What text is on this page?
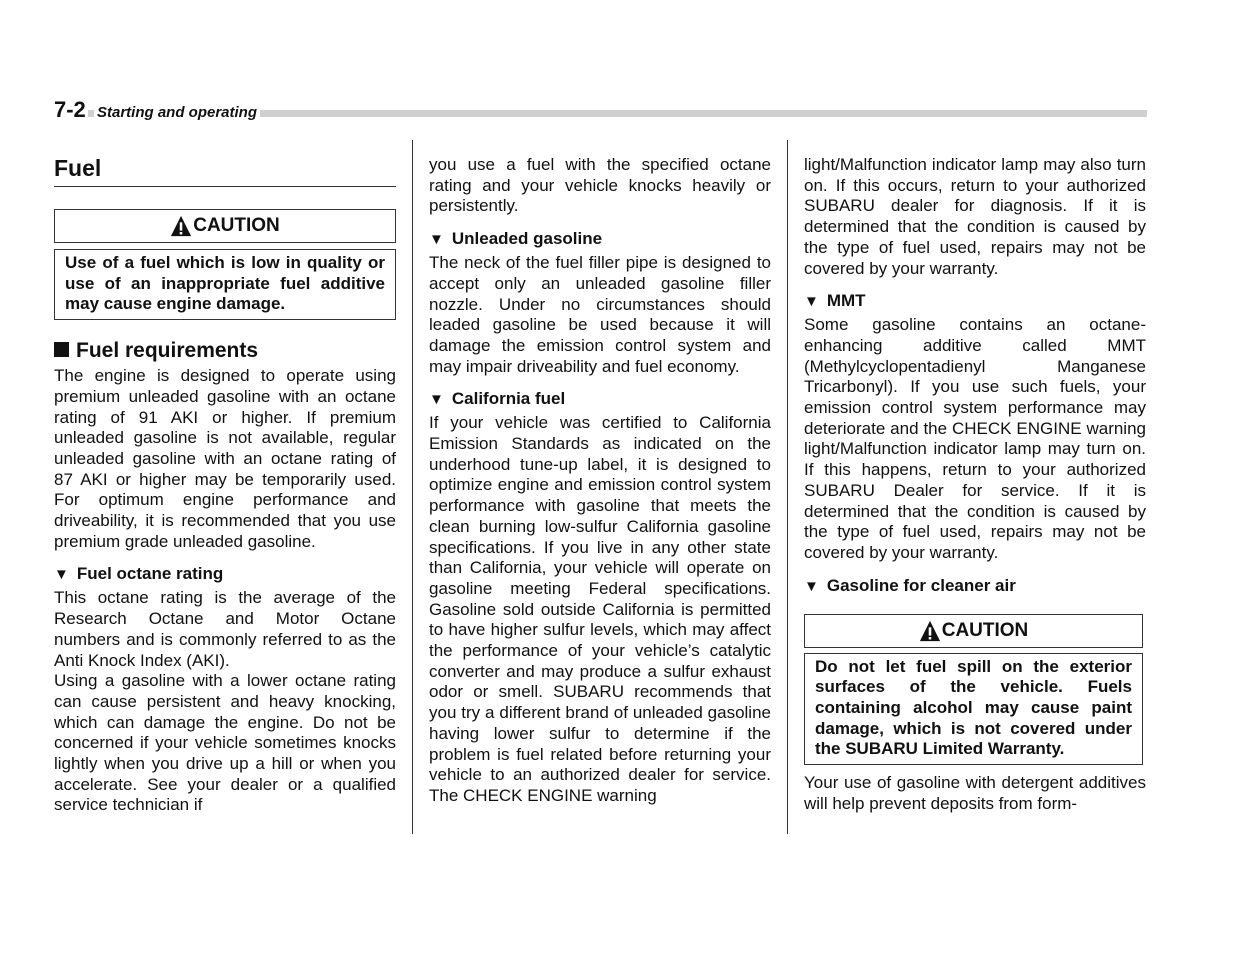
7-2 Starting and operating
Fuel
CAUTION
Use of a fuel which is low in quality or use of an inappropriate fuel additive may cause engine damage.
Fuel requirements

The engine is designed to operate using premium unleaded gasoline with an octane rating of 91 AKI or higher. If premium unleaded gasoline is not available, regular unleaded gasoline with an octane rating of 87 AKI or higher may be temporarily used. For optimum engine performance and driveability, it is recommended that you use premium grade unleaded gasoline.

▼ Fuel octane rating

This octane rating is the average of the Research Octane and Motor Octane numbers and is commonly referred to as the Anti Knock Index (AKI).

Using a gasoline with a lower octane rating can cause persistent and heavy knocking, which can damage the engine. Do not be concerned if your vehicle sometimes knocks lightly when you drive up a hill or when you accelerate. See your dealer or a qualified service technician if

you use a fuel with the specified octane rating and your vehicle knocks heavily or persistently.

▼ Unleaded gasoline

The neck of the fuel filler pipe is designed to accept only an unleaded gasoline filler nozzle. Under no circumstances should leaded gasoline be used because it will damage the emission control system and may impair driveability and fuel economy.

▼ California fuel

If your vehicle was certified to California Emission Standards as indicated on the underhood tune-up label, it is designed to optimize engine and emission control system performance with gasoline that meets the clean burning low-sulfur California gasoline specifications. If you live in any other state than California, your vehicle will operate on gasoline meeting Federal specifications. Gasoline sold outside California is permitted to have higher sulfur levels, which may affect the performance of your vehicle’s catalytic converter and may produce a sulfur exhaust odor or smell. SUBARU recommends that you try a different brand of unleaded gasoline having lower sulfur to determine if the problem is fuel related before returning your vehicle to an authorized dealer for service. The CHECK ENGINE warning

light/Malfunction indicator lamp may also turn on. If this occurs, return to your authorized SUBARU dealer for diagnosis. If it is determined that the condition is caused by the type of fuel used, repairs may not be covered by your warranty.

▼ MMT

Some gasoline contains an octane-enhancing additive called MMT (Methylcyclopentadienyl Manganese Tricarbonyl). If you use such fuels, your emission control system performance may deteriorate and the CHECK ENGINE warning light/Malfunction indicator lamp may turn on. If this happens, return to your authorized SUBARU Dealer for service. If it is determined that the condition is caused by the type of fuel used, repairs may not be covered by your warranty.

▼ Gasoline for cleaner air
CAUTION
Do not let fuel spill on the exterior surfaces of the vehicle. Fuels containing alcohol may cause paint damage, which is not covered under the SUBARU Limited Warranty.

Your use of gasoline with detergent additives will help prevent deposits from form-
